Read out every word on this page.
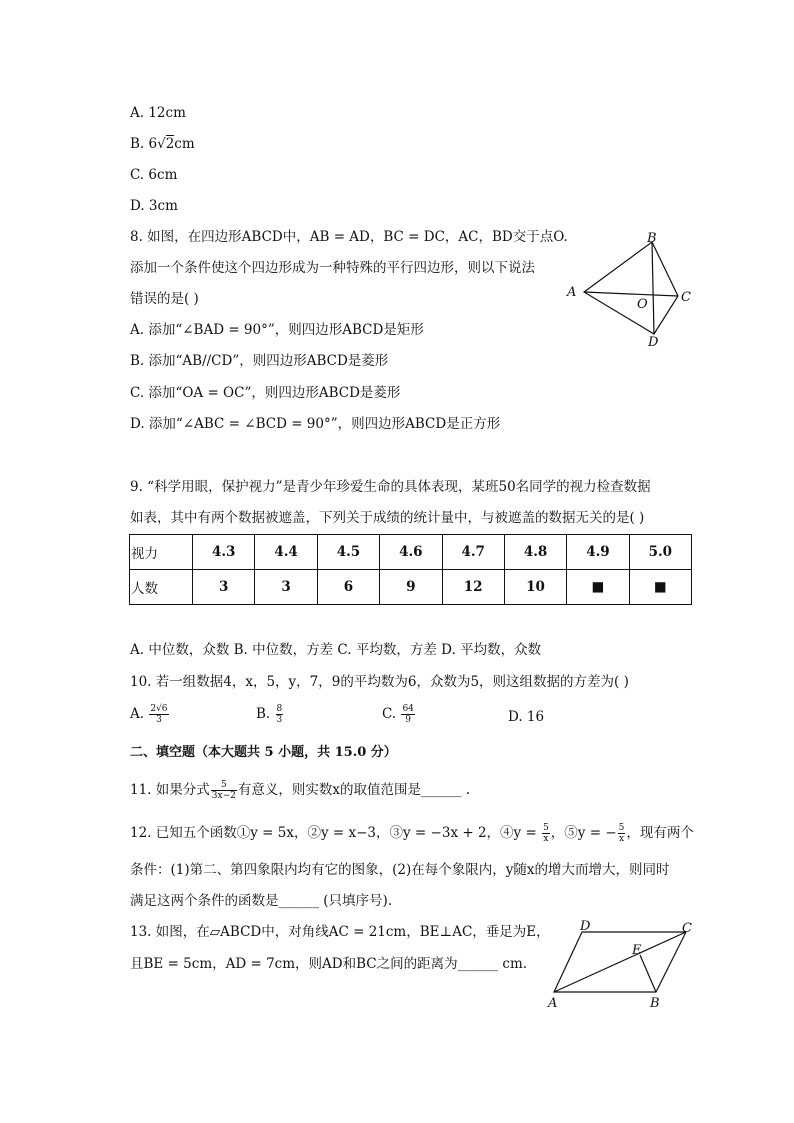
A. 12cm
B. 6√2cm
C. 6cm
D. 3cm
8. 如图，在四边形ABCD中，AB = AD，BC = DC，AC，BD交于点O.
添加一个条件使这个四边形成为一种特殊的平行四边形，则以下说法
错误的是( )
A. 添加“∠BAD = 90°”，则四边形ABCD是矩形
B. 添加“AB//CD”，则四边形ABCD是菱形
C. 添加“OA = OC”，则四边形ABCD是菱形
D. 添加“∠ABC = ∠BCD = 90°”，则四边形ABCD是正方形
B
A	C
O
D
9. “科学用眼，保护视力”是青少年珍爱生命的具体表现，某班50名同学的视力检查数据
如表，其中有两个数据被遮盖，下列关于成绩的统计量中，与被遮盖的数据无关的是( )
视力	4.3	4.4	4.5	4.6	4.7	4.8	4.9	5.0
人数	3	3	6	9	12	10	■	■
A. 中位数，众数 B. 中位数，方差 C. 平均数，方差 D. 平均数，众数
10. 若一组数据4，x，5，y，7，9的平均数为6，众数为5，则这组数据的方差为( )
A. $\frac{2√6}{3}$	B. $\frac{8}{3}$	C. $\frac{64}{9}$	D. 16
二、填空题（本大题共 5 小题，共 15.0 分）
11. 如果分式 $\frac{5}{3x-2}$ 有意义，则实数x的取值范围是______ .
12. 已知五个函数①y = 5x，②y = x−3，③y = −3x + 2，④y = $\frac{5}{x}$ ，⑤y = − $\frac{5}{x}$ ，现有两个
条件：(1)第二、第四象限内均有它的图象，(2)在每个象限内，y随x的增大而增大，则同时
满足这两个条件的函数是______ (只填序号).
13. 如图，在▱ABCD中，对角线AC = 21cm，BE⊥AC，垂足为E，
且BE = 5cm，AD = 7cm，则AD和BC之间的距离为______ cm.
D	C
E
A	B
